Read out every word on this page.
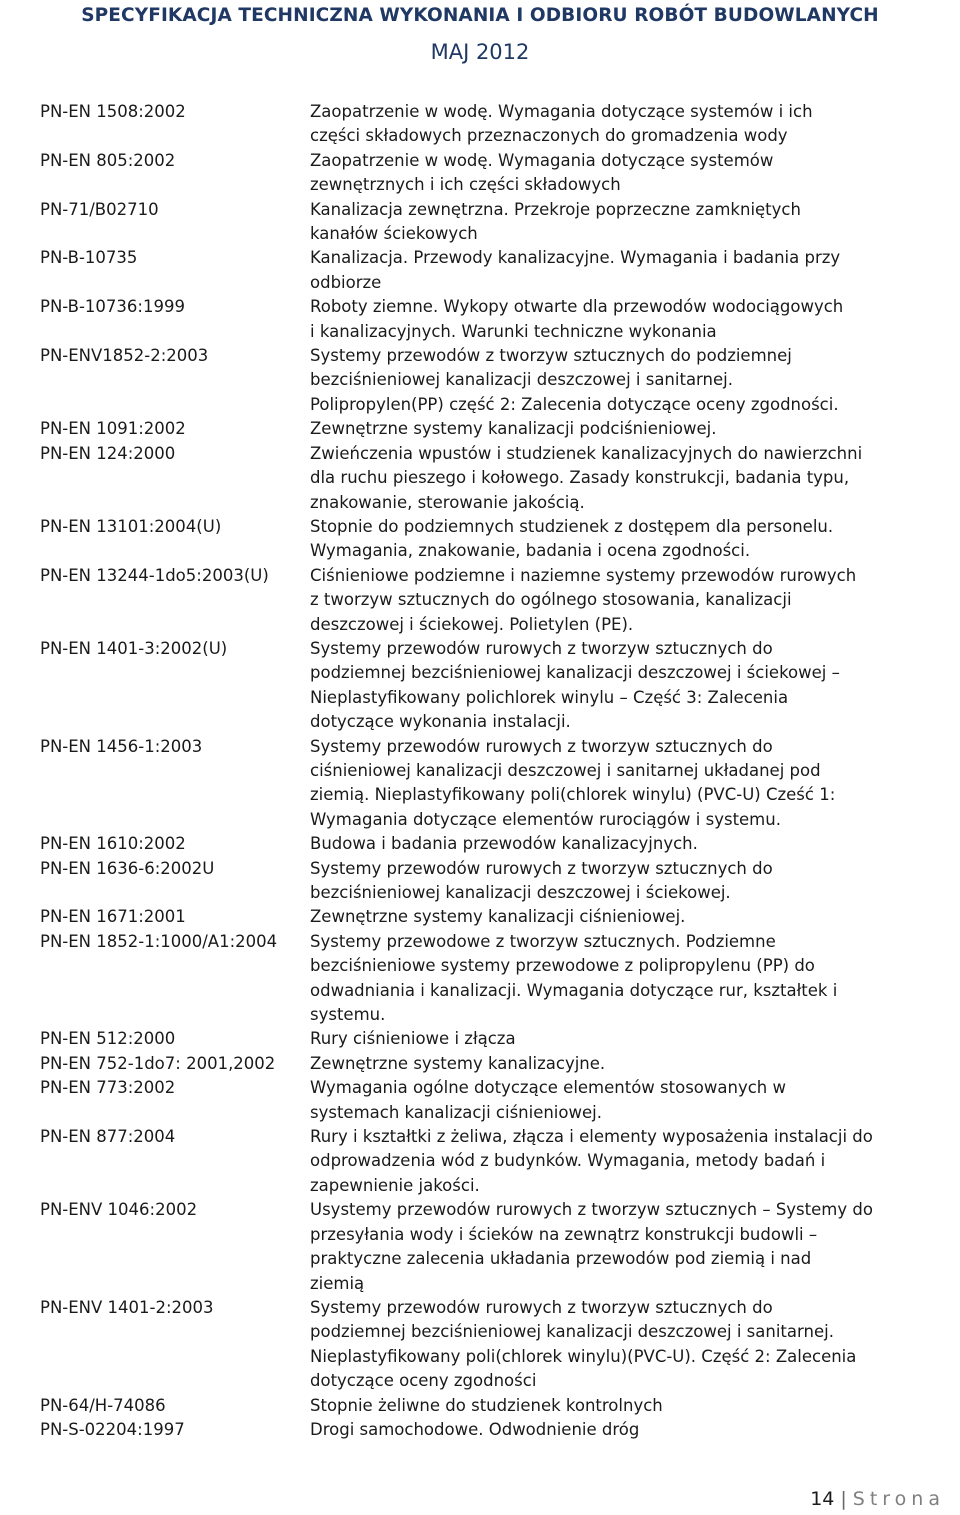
SPECYFIKACJA TECHNICZNA WYKONANIA I ODBIORU ROBÓT BUDOWLANYCH
MAJ 2012
PN-EN 1508:2002	Zaopatrzenie w wodę. Wymagania dotyczące systemów i ich
części składowych przeznaczonych do gromadzenia wody
PN-EN 805:2002	Zaopatrzenie w wodę. Wymagania dotyczące systemów
zewnętrznych i ich części składowych
PN-71/B02710	Kanalizacja zewnętrzna. Przekroje poprzeczne zamkniętych
kanałów ściekowych
PN-B-10735	Kanalizacja. Przewody kanalizacyjne. Wymagania i badania przy
odbiorze
PN-B-10736:1999	Roboty ziemne. Wykopy otwarte dla przewodów wodociągowych
i kanalizacyjnych. Warunki techniczne wykonania
PN-ENV1852-2:2003	Systemy przewodów z tworzyw sztucznych do podziemnej
bezciśnieniowej kanalizacji deszczowej i sanitarnej.
Polipropylen(PP) część 2: Zalecenia dotyczące oceny zgodności.
PN-EN 1091:2002	Zewnętrzne systemy kanalizacji podciśnieniowej.
PN-EN 124:2000	Zwieńczenia wpustów i studzienek kanalizacyjnych do nawierzchni
dla ruchu pieszego i kołowego. Zasady konstrukcji, badania typu,
znakowanie, sterowanie jakością.
PN-EN 13101:2004(U)	Stopnie do podziemnych studzienek z dostępem dla personelu.
Wymagania, znakowanie, badania i ocena zgodności.
PN-EN 13244-1do5:2003(U)	Ciśnieniowe podziemne i naziemne systemy przewodów rurowych
z tworzyw sztucznych do ogólnego stosowania, kanalizacji
deszczowej i ściekowej. Polietylen (PE).
PN-EN 1401-3:2002(U)	Systemy przewodów rurowych z tworzyw sztucznych do
podziemnej bezciśnieniowej kanalizacji deszczowej i ściekowej –
Nieplastyfikowany polichlorek winylu – Część 3: Zalecenia
dotyczące wykonania instalacji.
PN-EN 1456-1:2003	Systemy przewodów rurowych z tworzyw sztucznych do
ciśnieniowej kanalizacji deszczowej i sanitarnej układanej pod
ziemią. Nieplastyfikowany poli(chlorek winylu) (PVC-U) Cześć 1:
Wymagania dotyczące elementów rurociągów i systemu.
PN-EN 1610:2002	Budowa i badania przewodów kanalizacyjnych.
PN-EN 1636-6:2002U	Systemy przewodów rurowych z tworzyw sztucznych do
bezciśnieniowej kanalizacji deszczowej i ściekowej.
PN-EN 1671:2001	Zewnętrzne systemy kanalizacji ciśnieniowej.
PN-EN 1852-1:1000/A1:2004	Systemy przewodowe z tworzyw sztucznych. Podziemne
bezciśnieniowe systemy przewodowe z polipropylenu (PP) do
odwadniania i kanalizacji. Wymagania dotyczące rur, kształtek i
systemu.
PN-EN 512:2000	Rury ciśnieniowe i złącza
PN-EN 752-1do7: 2001,2002	Zewnętrzne systemy kanalizacyjne.
PN-EN 773:2002	Wymagania ogólne dotyczące elementów stosowanych w
systemach kanalizacji ciśnieniowej.
PN-EN 877:2004	Rury i kształtki z żeliwa, złącza i elementy wyposażenia instalacji do
odprowadzenia wód z budynków. Wymagania, metody badań i
zapewnienie jakości.
PN-ENV 1046:2002	Usystemy przewodów rurowych z tworzyw sztucznych – Systemy do
przesyłania wody i ścieków na zewnątrz konstrukcji budowli –
praktyczne zalecenia układania przewodów pod ziemią i nad
ziemią
PN-ENV 1401-2:2003	Systemy przewodów rurowych z tworzyw sztucznych do
podziemnej bezciśnieniowej kanalizacji deszczowej i sanitarnej.
Nieplastyfikowany poli(chlorek winylu)(PVC-U). Część 2: Zalecenia
dotyczące oceny zgodności
PN-64/H-74086	Stopnie żeliwne do studzienek kontrolnych
PN-S-02204:1997	Drogi samochodowe. Odwodnienie dróg
14 | Strona
